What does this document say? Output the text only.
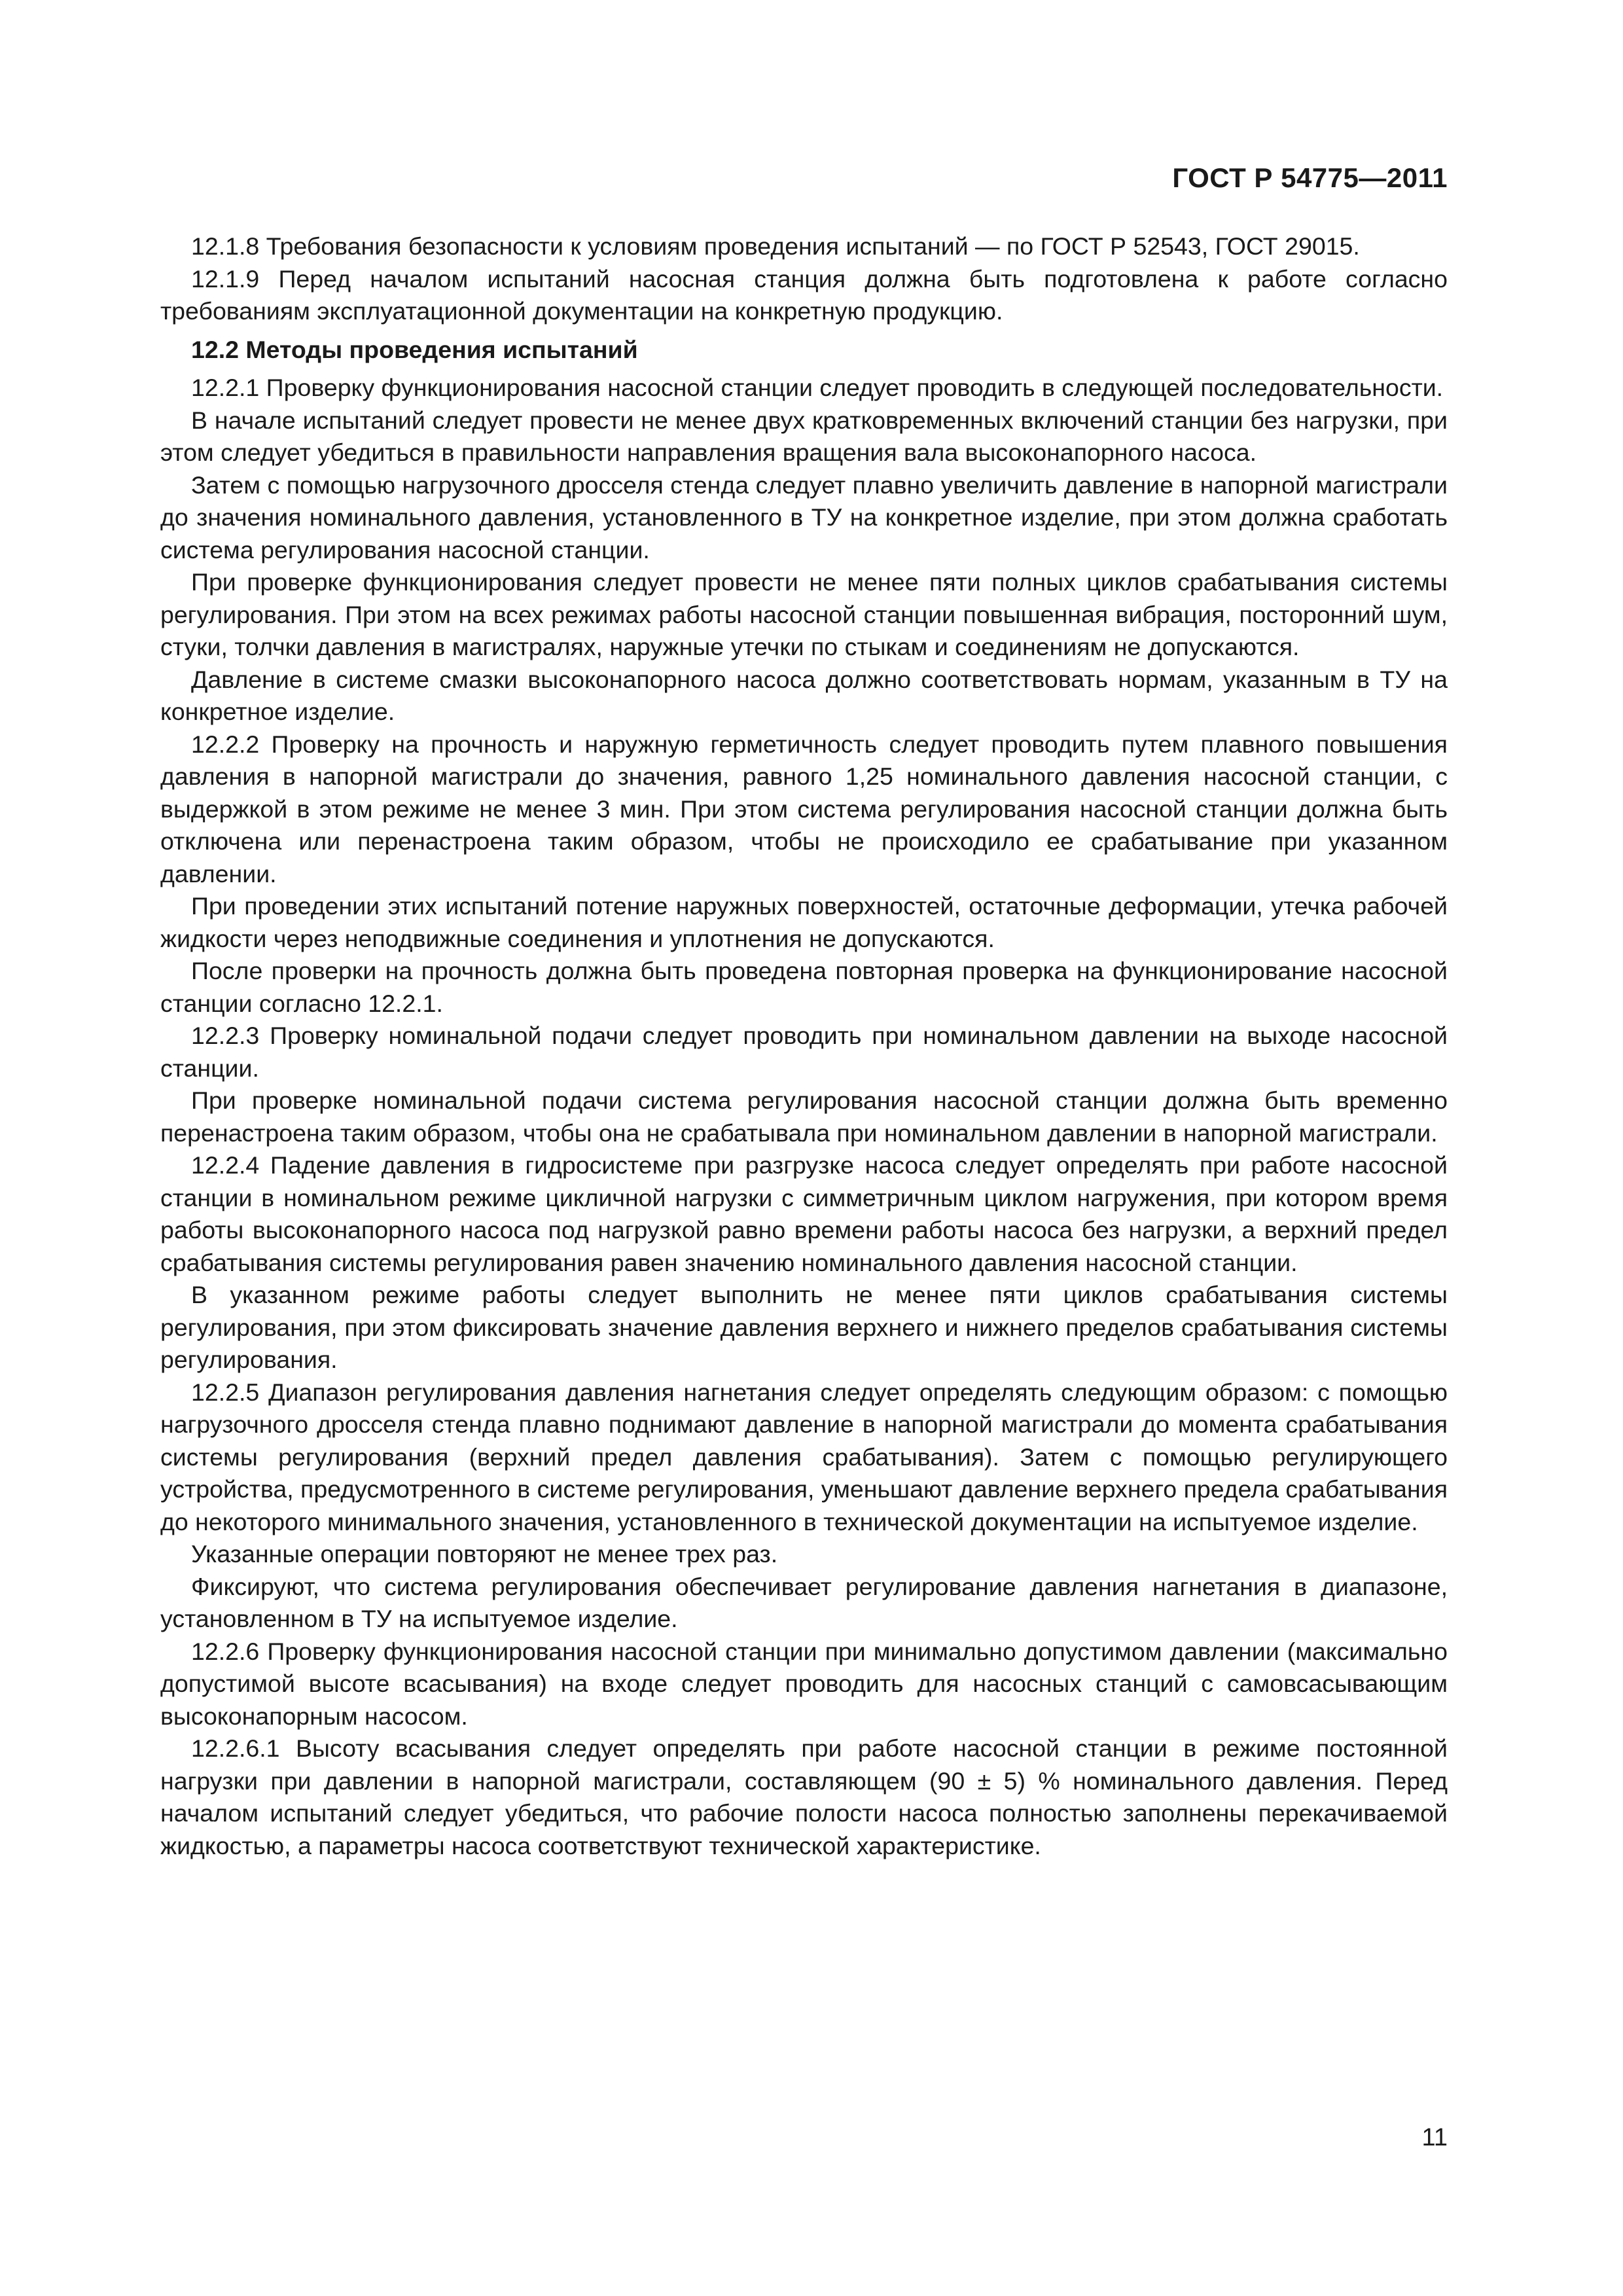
ГОСТ Р 54775—2011

12.1.8 Требования безопасности к условиям проведения испытаний — по ГОСТ Р 52543, ГОСТ 29015.

12.1.9 Перед началом испытаний насосная станция должна быть подготовлена к работе согласно требованиям эксплуатационной документации на конкретную продукцию.

12.2 Методы проведения испытаний

12.2.1 Проверку функционирования насосной станции следует проводить в следующей последовательности.

В начале испытаний следует провести не менее двух кратковременных включений станции без нагрузки, при этом следует убедиться в правильности направления вращения вала высоконапорного насоса.

Затем с помощью нагрузочного дросселя стенда следует плавно увеличить давление в напорной магистрали до значения номинального давления, установленного в ТУ на конкретное изделие, при этом должна сработать система регулирования насосной станции.

При проверке функционирования следует провести не менее пяти полных циклов срабатывания системы регулирования. При этом на всех режимах работы насосной станции повышенная вибрация, посторонний шум, стуки, толчки давления в магистралях, наружные утечки по стыкам и соединениям не допускаются.

Давление в системе смазки высоконапорного насоса должно соответствовать нормам, указанным в ТУ на конкретное изделие.

12.2.2 Проверку на прочность и наружную герметичность следует проводить путем плавного повышения давления в напорной магистрали до значения, равного 1,25 номинального давления насосной станции, с выдержкой в этом режиме не менее 3 мин. При этом система регулирования насосной станции должна быть отключена или перенастроена таким образом, чтобы не происходило ее срабатывание при указанном давлении.

При проведении этих испытаний потение наружных поверхностей, остаточные деформации, утечка рабочей жидкости через неподвижные соединения и уплотнения не допускаются.

После проверки на прочность должна быть проведена повторная проверка на функционирование насосной станции согласно 12.2.1.

12.2.3 Проверку номинальной подачи следует проводить при номинальном давлении на выходе насосной станции.

При проверке номинальной подачи система регулирования насосной станции должна быть временно перенастроена таким образом, чтобы она не срабатывала при номинальном давлении в напорной магистрали.

12.2.4 Падение давления в гидросистеме при разгрузке насоса следует определять при работе насосной станции в номинальном режиме цикличной нагрузки с симметричным циклом нагружения, при котором время работы высоконапорного насоса под нагрузкой равно времени работы насоса без нагрузки, а верхний предел срабатывания системы регулирования равен значению номинального давления насосной станции.

В указанном режиме работы следует выполнить не менее пяти циклов срабатывания системы регулирования, при этом фиксировать значение давления верхнего и нижнего пределов срабатывания системы регулирования.

12.2.5 Диапазон регулирования давления нагнетания следует определять следующим образом: с помощью нагрузочного дросселя стенда плавно поднимают давление в напорной магистрали до момента срабатывания системы регулирования (верхний предел давления срабатывания). Затем с помощью регулирующего устройства, предусмотренного в системе регулирования, уменьшают давление верхнего предела срабатывания до некоторого минимального значения, установленного в технической документации на испытуемое изделие.

Указанные операции повторяют не менее трех раз.

Фиксируют, что система регулирования обеспечивает регулирование давления нагнетания в диапазоне, установленном в ТУ на испытуемое изделие.

12.2.6 Проверку функционирования насосной станции при минимально допустимом давлении (максимально допустимой высоте всасывания) на входе следует проводить для насосных станций с самовсасывающим высоконапорным насосом.

12.2.6.1 Высоту всасывания следует определять при работе насосной станции в режиме постоянной нагрузки при давлении в напорной магистрали, составляющем (90 ± 5) % номинального давления. Перед началом испытаний следует убедиться, что рабочие полости насоса полностью заполнены перекачиваемой жидкостью, а параметры насоса соответствуют технической характеристике.

11
